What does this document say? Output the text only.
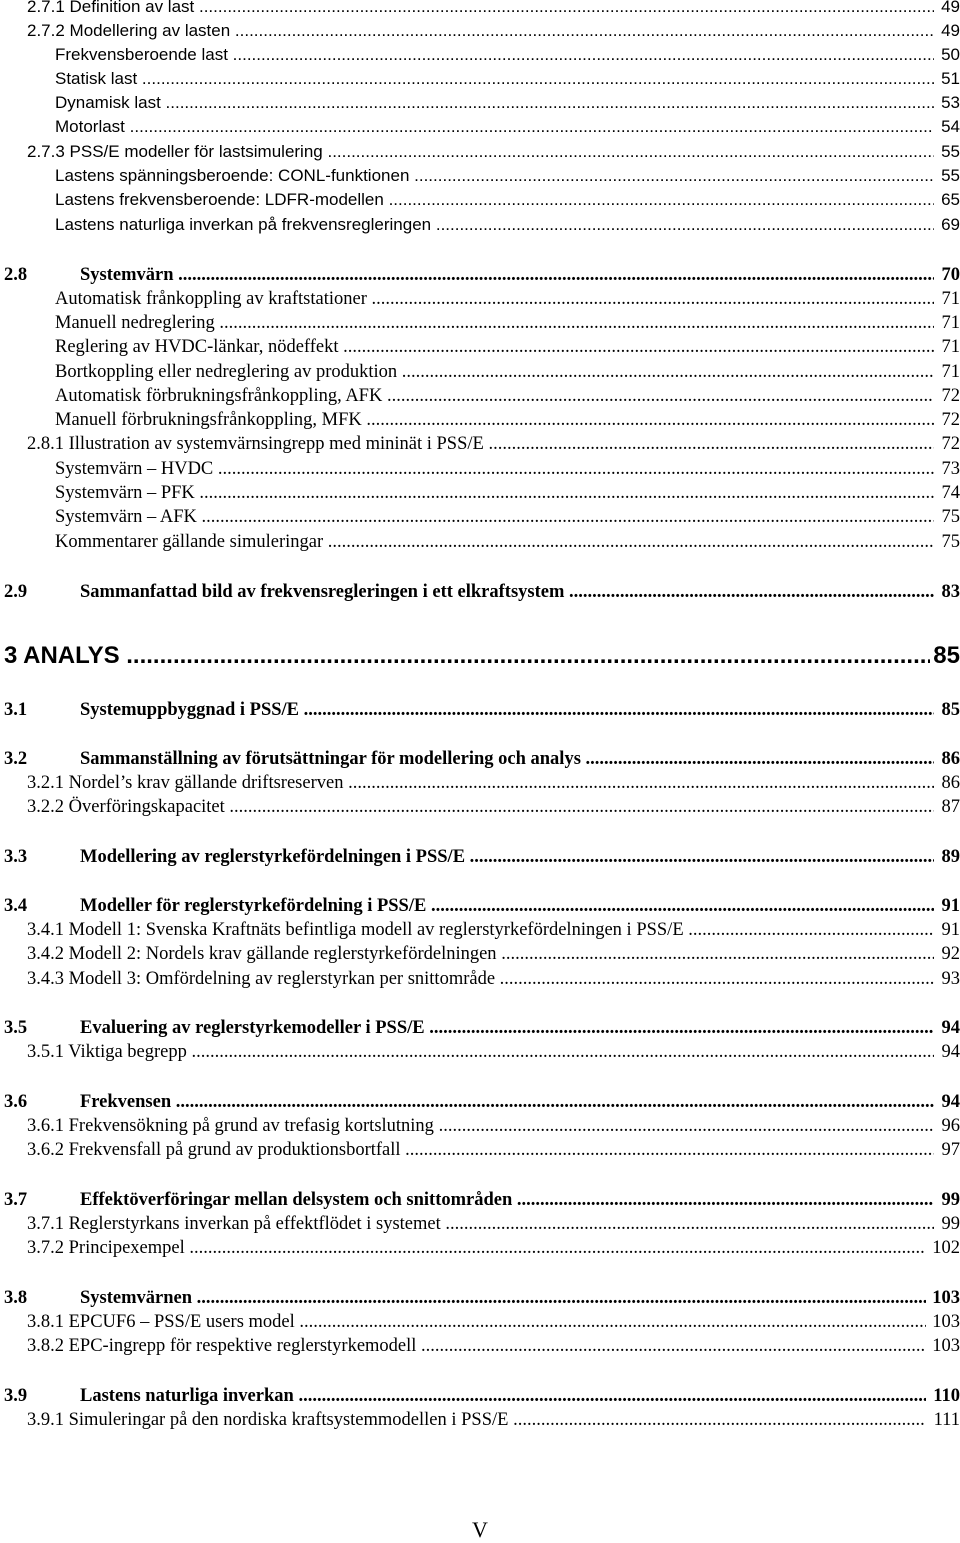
2.7.1 Definition av last .....	49
2.7.2 Modellering av lasten .....	49
Frekvensberoende last .....	50
Statisk last .....	51
Dynamisk last .....	53
Motorlast .....	54
2.7.3 PSS/E modeller för lastsimulering .....	55
Lastens spänningsberoende: CONL-funktionen .....	55
Lastens frekvensberoende: LDFR-modellen .....	65
Lastens naturliga inverkan på frekvensregleringen .....	69
2.8	Systemvärn .....	70
Automatisk frånkoppling av kraftstationer .....	71
Manuell nedreglering .....	71
Reglering av HVDC-länkar, nödeffekt .....	71
Bortkoppling eller nedreglering av produktion .....	71
Automatisk förbrukningsfrånkoppling, AFK .....	72
Manuell förbrukningsfrånkoppling, MFK .....	72
2.8.1 Illustration av systemvärnsingrepp med mininät i PSS/E .....	72
Systemvärn – HVDC .....	73
Systemvärn – PFK .....	74
Systemvärn – AFK .....	75
Kommentarer gällande simuleringar .....	75
2.9	Sammanfattad bild av frekvensregleringen i ett elkraftsystem .....	83
3 ANALYS .....	85
3.1	Systemuppbyggnad i PSS/E .....	85
3.2	Sammanställning av förutsättningar för modellering och analys .....	86
3.2.1 Nordel’s krav gällande driftsreserven .....	86
3.2.2 Överföringskapacitet .....	87
3.3	Modellering av reglerstyrkefördelningen i PSS/E .....	89
3.4	Modeller för reglerstyrkefördelning i PSS/E .....	91
3.4.1 Modell 1: Svenska Kraftnäts befintliga modell av reglerstyrkefördelningen i PSS/E .....	91
3.4.2 Modell 2: Nordels krav gällande reglerstyrkefördelningen .....	92
3.4.3 Modell 3: Omfördelning av reglerstyrkan per snittområde .....	93
3.5	Evaluering av reglerstyrkemodeller i PSS/E .....	94
3.5.1 Viktiga begrepp .....	94
3.6	Frekvensen .....	94
3.6.1 Frekvensökning på grund av trefasig kortslutning .....	96
3.6.2 Frekvensfall på grund av produktionsbortfall .....	97
3.7	Effektöverföringar mellan delsystem och snittområden .....	99
3.7.1 Reglerstyrkans inverkan på effektflödet i systemet .....	99
3.7.2 Principexempel .....	102
3.8	Systemvärnen .....	103
3.8.1 EPCUF6 – PSS/E users model .....	103
3.8.2 EPC-ingrepp för respektive reglerstyrkemodell .....	103
3.9	Lastens naturliga inverkan .....	110
3.9.1 Simuleringar på den nordiska kraftsystemmodellen i PSS/E .....	111
V
